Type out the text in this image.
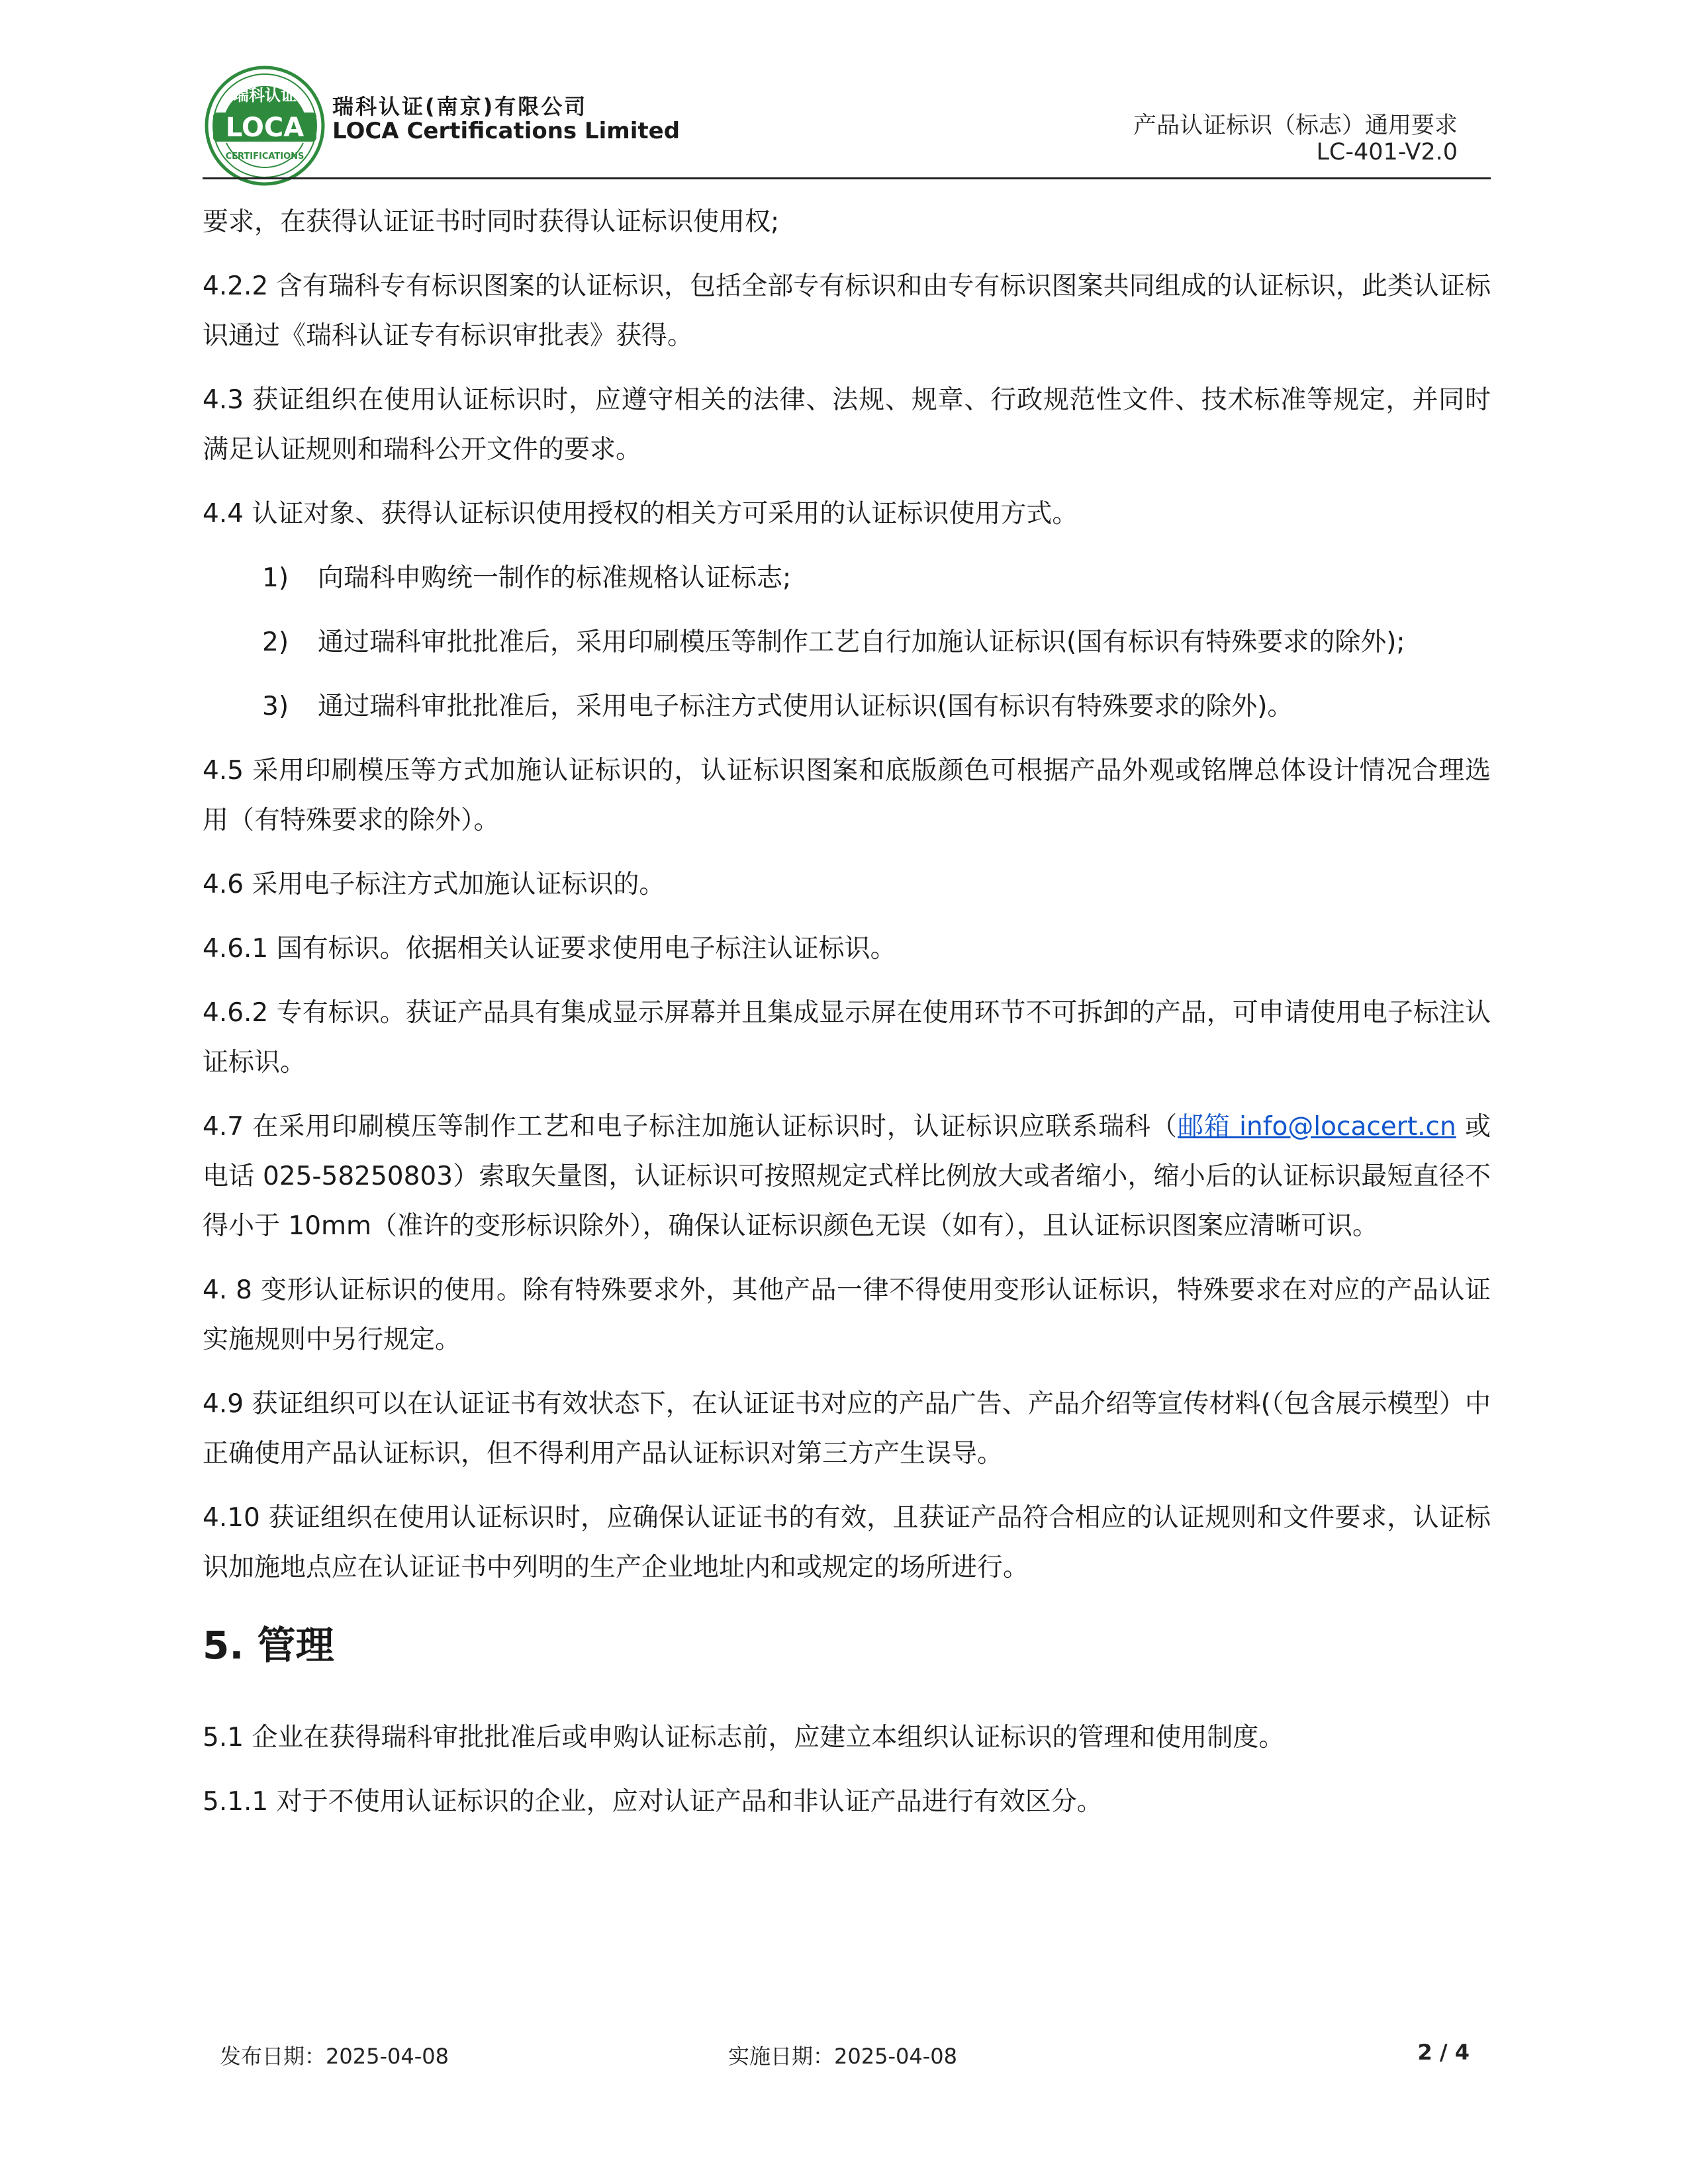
瑞科认证
LOCA
CERTIFICATIONS
瑞科认证(南京)有限公司
LOCA Certifications Limited	产品认证标识（标志）通用要求
LC-401-V2.0

要求，在获得认证证书时同时获得认证标识使用权;

4.2.2 含有瑞科专有标识图案的认证标识，包括全部专有标识和由专有标识图案共同组成的认证标识，此类认证标识通过《瑞科认证专有标识审批表》获得。

4.3 获证组织在使用认证标识时，应遵守相关的法律、法规、规章、行政规范性文件、技术标准等规定，并同时满足认证规则和瑞科公开文件的要求。

4.4 认证对象、获得认证标识使用授权的相关方可采用的认证标识使用方式。

1)	向瑞科申购统一制作的标准规格认证标志;
2)	通过瑞科审批批准后，采用印刷模压等制作工艺自行加施认证标识(国有标识有特殊要求的除外);
3)	通过瑞科审批批准后，采用电子标注方式使用认证标识(国有标识有特殊要求的除外)。

4.5 采用印刷模压等方式加施认证标识的，认证标识图案和底版颜色可根据产品外观或铭牌总体设计情况合理选用（有特殊要求的除外）。

4.6 采用电子标注方式加施认证标识的。

4.6.1 国有标识。依据相关认证要求使用电子标注认证标识。

4.6.2 专有标识。获证产品具有集成显示屏幕并且集成显示屏在使用环节不可拆卸的产品，可申请使用电子标注认证标识。

4.7 在采用印刷模压等制作工艺和电子标注加施认证标识时，认证标识应联系瑞科（邮箱 info@locacert.cn 或电话 025-58250803）索取矢量图，认证标识可按照规定式样比例放大或者缩小，缩小后的认证标识最短直径不得小于 10mm（准许的变形标识除外），确保认证标识颜色无误（如有），且认证标识图案应清晰可识。

4. 8 变形认证标识的使用。除有特殊要求外，其他产品一律不得使用变形认证标识，特殊要求在对应的产品认证实施规则中另行规定。

4.9 获证组织可以在认证证书有效状态下，在认证证书对应的产品广告、产品介绍等宣传材料(（包含展示模型）中正确使用产品认证标识，但不得利用产品认证标识对第三方产生误导。

4.10 获证组织在使用认证标识时，应确保认证证书的有效，且获证产品符合相应的认证规则和文件要求，认证标识加施地点应在认证证书中列明的生产企业地址内和或规定的场所进行。

5. 管理

5.1 企业在获得瑞科审批批准后或申购认证标志前，应建立本组织认证标识的管理和使用制度。

5.1.1 对于不使用认证标识的企业，应对认证产品和非认证产品进行有效区分。

发布日期：2025-04-08	实施日期：2025-04-08	2 / 4
